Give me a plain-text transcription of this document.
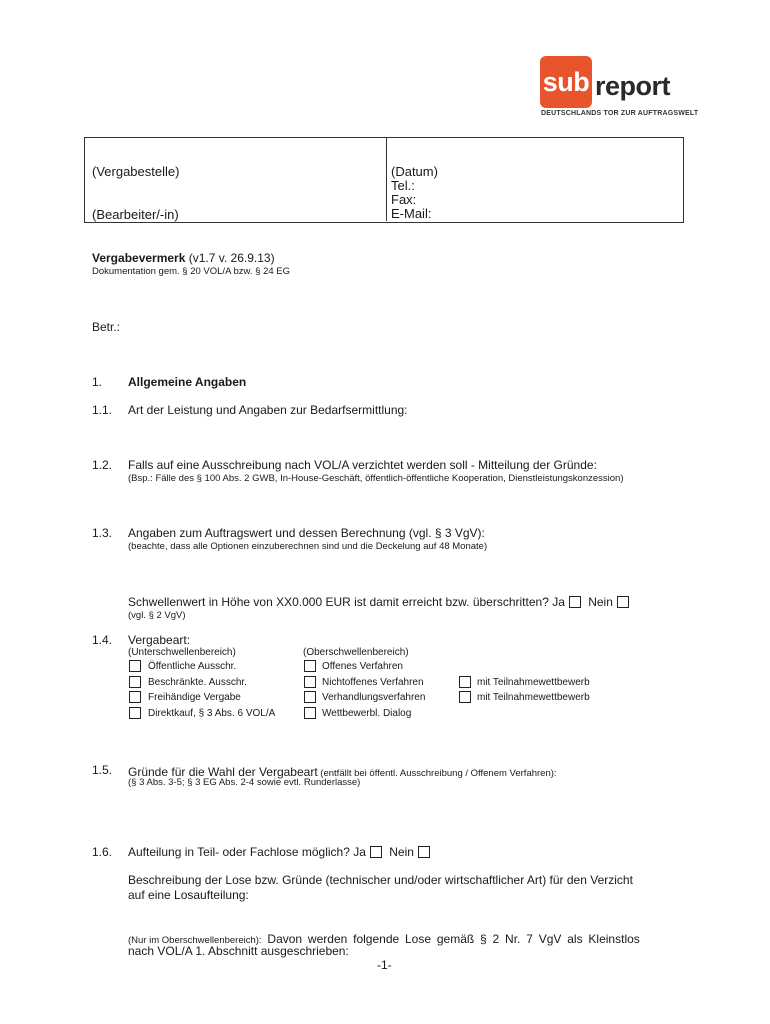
sub report
DEUTSCHLANDS TOR ZUR AUFTRAGSWELT
(Vergabestelle)
(Bearbeiter/-in)
(Datum)
Tel.:
Fax:
E-Mail:
Vergabevermerk (v1.7 v. 26.9.13)
Dokumentation gem. § 20 VOL/A bzw. § 24 EG
Betr.:
1. Allgemeine Angaben
1.1. Art der Leistung und Angaben zur Bedarfsermittlung:
1.2. Falls auf eine Ausschreibung nach VOL/A verzichtet werden soll - Mitteilung der Gründe:
(Bsp.: Fälle des § 100 Abs. 2 GWB, In-House-Geschäft, öffentlich-öffentliche Kooperation, Dienstleistungskonzession)
1.3. Angaben zum Auftragswert und dessen Berechnung (vgl. § 3 VgV):
(beachte, dass alle Optionen einzuberechnen sind und die Deckelung auf 48 Monate)
Schwellenwert in Höhe von XX0.000 EUR ist damit erreicht bzw. überschritten? Ja Nein
(vgl. § 2 VgV)
1.4. Vergabeart:
(Unterschwellenbereich)	(Oberschwellenbereich)
Öffentliche Ausschr.
Beschränkte. Ausschr.
Freihändige Vergabe
Direktkauf, § 3 Abs. 6 VOL/A
Offenes Verfahren
Nichtoffenes Verfahren
Verhandlungsverfahren
Wettbewerbl. Dialog
mit Teilnahmewettbewerb
mit Teilnahmewettbewerb
1.5. Gründe für die Wahl der Vergabeart (entfällt bei öffentl. Ausschreibung / Offenem Verfahren):
(§ 3 Abs. 3-5; § 3 EG Abs. 2-4 sowie evtl. Runderlasse)
1.6. Aufteilung in Teil- oder Fachlose möglich? Ja Nein
Beschreibung der Lose bzw. Gründe (technischer und/oder wirtschaftlicher Art) für den Verzicht
auf eine Losaufteilung:
(Nur im Oberschwellenbereich): Davon werden folgende Lose gemäß § 2 Nr. 7 VgV als Kleinstlos
nach VOL/A 1. Abschnitt ausgeschrieben:
-1-
